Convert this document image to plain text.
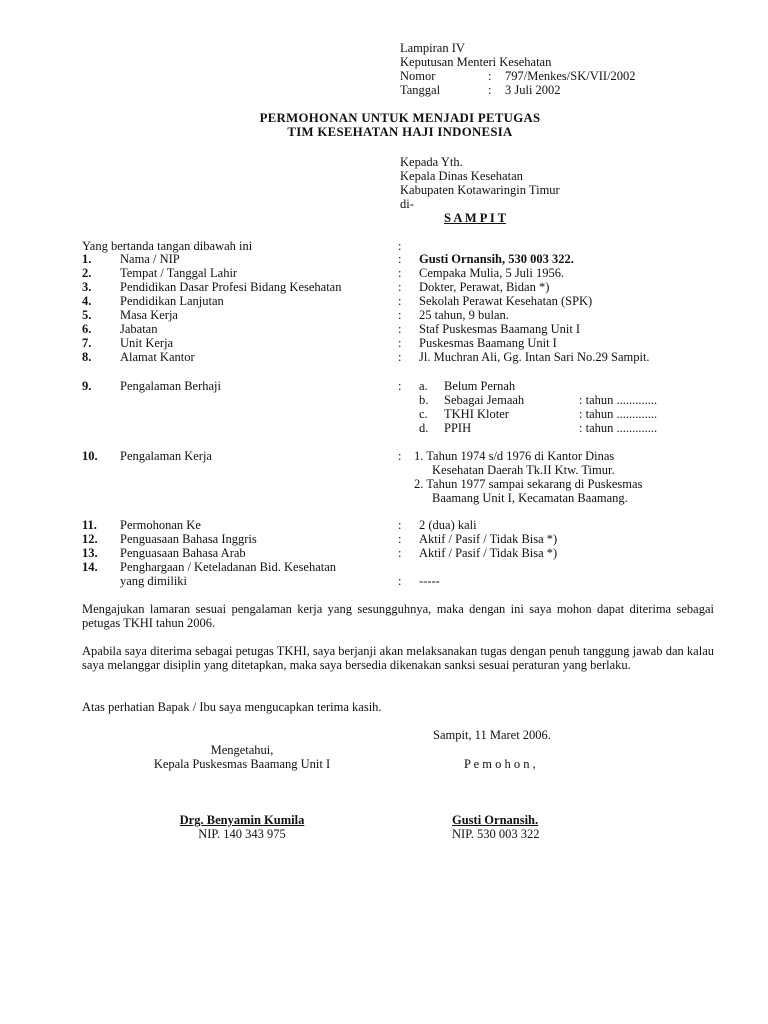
Lampiran IV
Keputusan Menteri Kesehatan
Nomor	: 797/Menkes/SK/VII/2002
Tanggal	: 3 Juli 2002
PERMOHONAN UNTUK MENJADI PETUGAS
TIM KESEHATAN HAJI INDONESIA
Kepada Yth.
Kepala Dinas Kesehatan
Kabupaten Kotawaringin Timur
di-
S A M P I T
Yang bertanda tangan dibawah ini	:
1. Nama / NIP	: Gusti Ornansih, 530 003 322.
2. Tempat / Tanggal Lahir	: Cempaka Mulia, 5 Juli 1956.
3. Pendidikan Dasar Profesi Bidang Kesehatan	: Dokter, Perawat, Bidan *)
4. Pendidikan Lanjutan	: Sekolah Perawat Kesehatan (SPK)
5. Masa Kerja	: 25 tahun, 9 bulan.
6. Jabatan	: Staf Puskesmas Baamang Unit I
7. Unit Kerja	: Puskesmas Baamang Unit I
8. Alamat Kantor	: Jl. Muchran Ali, Gg. Intan Sari No.29 Sampit.
9. Pengalaman Berhaji	: a. Belum Pernah
b. Sebagai Jemaah	: tahun .............
c. TKHI Kloter	: tahun .............
d. PPIH	: tahun .............
10. Pengalaman Kerja	: 1. Tahun 1974 s/d 1976 di Kantor Dinas
Kesehatan Daerah Tk.II Ktw. Timur.
2. Tahun 1977 sampai sekarang di Puskesmas
Baamang Unit I, Kecamatan Baamang.
11. Permohonan Ke	: 2 (dua) kali
12. Penguasaan Bahasa Inggris	: Aktif / Pasif / Tidak Bisa *)
13. Penguasaan Bahasa Arab	: Aktif / Pasif / Tidak Bisa *)
14. Penghargaan / Keteladanan Bid. Kesehatan
yang dimiliki	: -----
Mengajukan lamaran sesuai pengalaman kerja yang sesungguhnya, maka dengan ini saya mohon dapat diterima sebagai petugas TKHI tahun 2006.
Apabila saya diterima sebagai petugas TKHI, saya berjanji akan melaksanakan tugas dengan penuh tanggung jawab dan kalau saya melanggar disiplin yang ditetapkan, maka saya bersedia dikenakan sanksi sesuai peraturan yang berlaku.
Atas perhatian Bapak / Ibu saya mengucapkan terima kasih.
Sampit, 11 Maret 2006.
Mengetahui,
Kepala Puskesmas Baamang Unit I	P e m o h o n ,
Drg. Benyamin Kumila
NIP. 140 343 975
Gusti Ornansih.
NIP. 530 003 322
